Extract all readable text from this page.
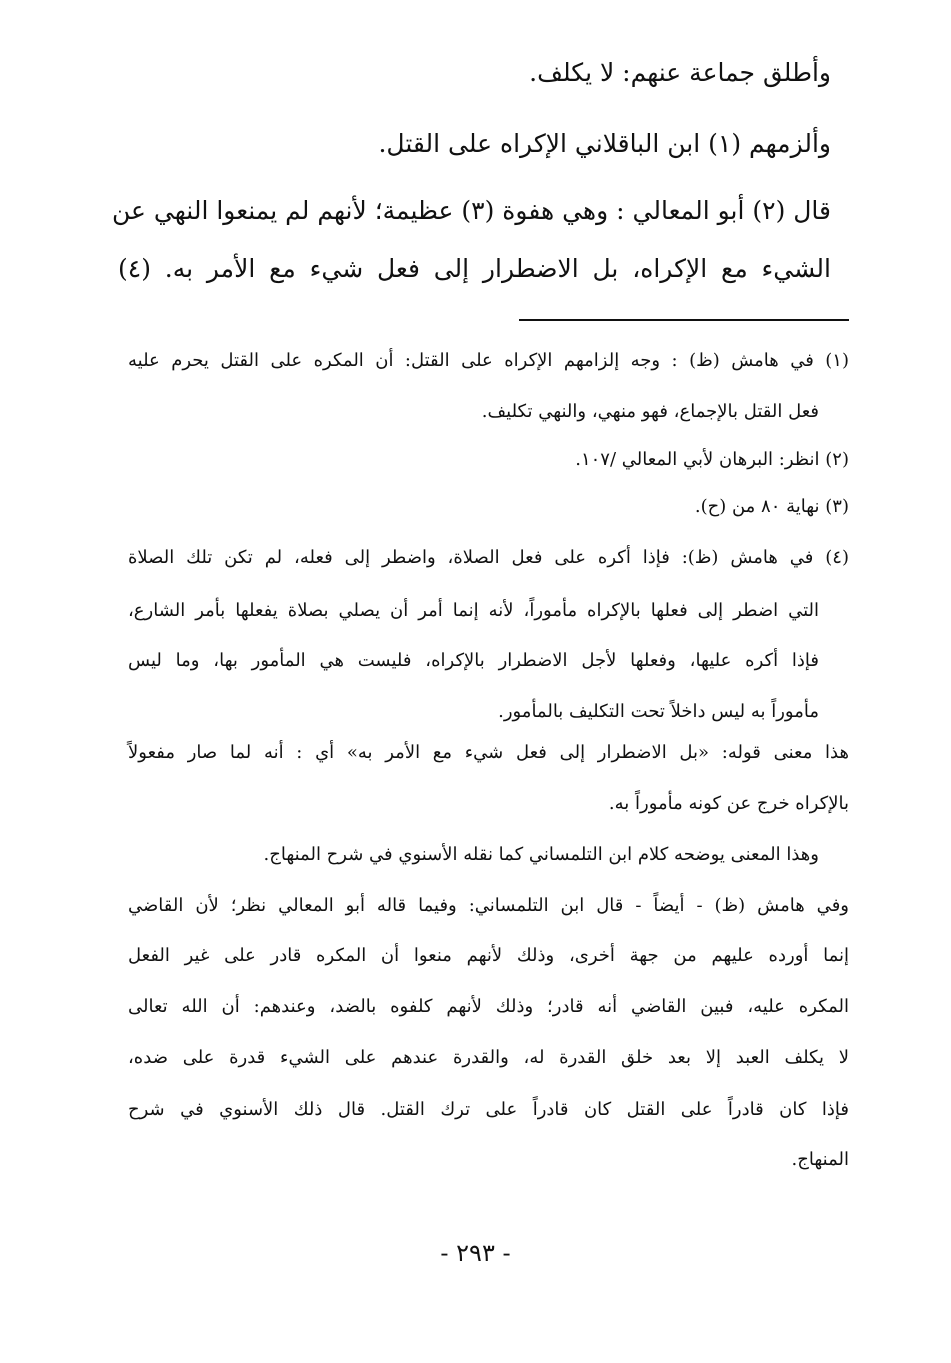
وأطلق جماعة عنهم: لا يكلف.
وألزمهم (١) ابن الباقلاني الإكراه على القتل.
قال (٢) أبو المعالي : وهي هفوة (٣) عظيمة؛ لأنهم لم يمنعوا النهي عن
الشيء مع الإكراه، بل الاضطرار إلى فعل شيء مع الأمر به. (٤)
(١) في هامش (ظ) : وجه إلزامهم الإكراه على القتل: أن المكره على القتل يحرم عليه
فعل القتل بالإجماع، فهو منهي، والنهي تكليف.
(٢) انظر: البرهان لأبي المعالي /١٠٧.
(٣) نهاية ٨٠ من (ح).
(٤) في هامش (ظ): فإذا أكره على فعل الصلاة، واضطر إلى فعله، لم تكن تلك الصلاة
التي اضطر إلى فعلها بالإكراه مأموراً، لأنه إنما أمر أن يصلي بصلاة يفعلها بأمر الشارع،
فإذا أكره عليها، وفعلها لأجل الاضطرار بالإكراه، فليست هي المأمور بها، وما ليس
مأموراً به ليس داخلاً تحت التكليف بالمأمور.
هذا معنى قوله: «بل الاضطرار إلى فعل شيء مع الأمر به» أي : أنه لما صار مفعولاً
بالإكراه خرج عن كونه مأموراً به.
وهذا المعنى يوضحه كلام ابن التلمساني كما نقله الأسنوي في شرح المنهاج.
وفي هامش (ظ) - أيضاً - قال ابن التلمساني: وفيما قاله أبو المعالي نظر؛ لأن القاضي
إنما أورده عليهم من جهة أخرى، وذلك لأنهم منعوا أن المكره قادر على غير الفعل
المكره عليه، فبين القاضي أنه قادر؛ وذلك لأنهم كلفوه بالضد، وعندهم: أن الله تعالى
لا يكلف العبد إلا بعد خلق القدرة له، والقدرة عندهم على الشيء قدرة على ضده،
فإذا كان قادراً على القتل كان قادراً على ترك القتل. قال ذلك الأسنوي في شرح
المنهاج.
- ٢٩٣ -
